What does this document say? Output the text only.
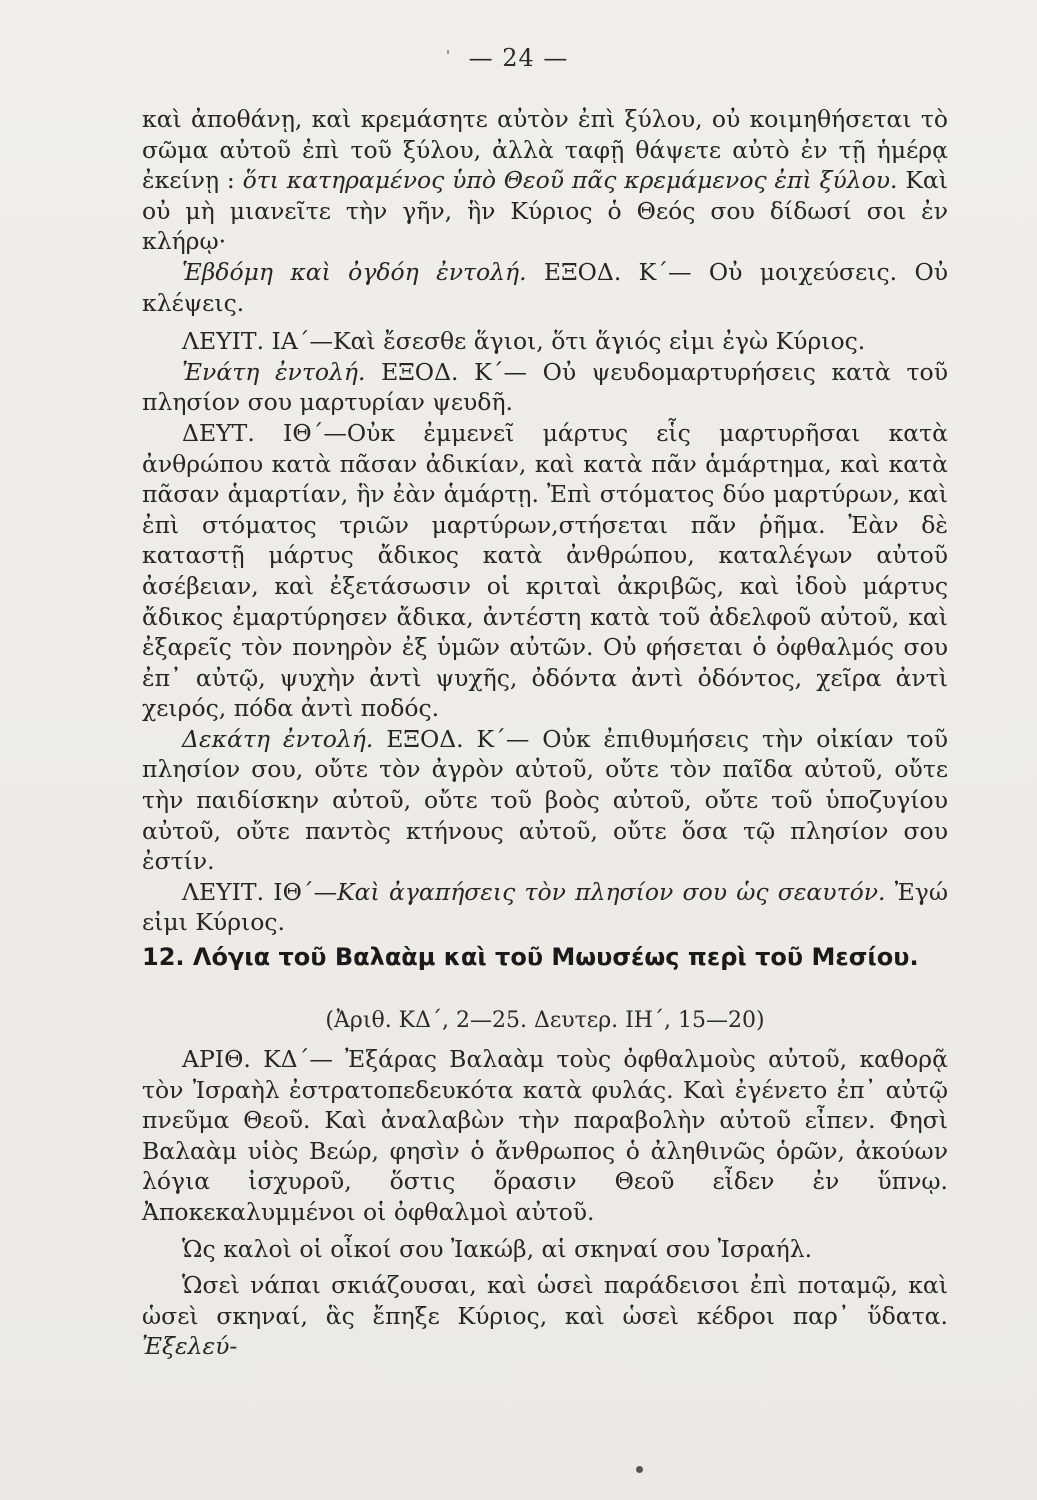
— 24 —

καὶ ἀποθάνῃ, καὶ κρεμάσητε αὐτὸν ἐπὶ ξύλου, οὐ κοιμηθήσεται τὸ σῶμα αὐτοῦ ἐπὶ τοῦ ξύλου, ἀλλὰ ταφῇ θάψετε αὐτὸ ἐν τῇ ἡμέρᾳ ἐκείνῃ : ὅτι κατηραμένος ὑπὸ Θεοῦ πᾶς κρεμάμενος ἐπὶ ξύλου. Καὶ οὐ μὴ μιανεῖτε τὴν γῆν, ἣν Κύριος ὁ Θεός σου δίδωσί σοι ἐν κλήρῳ·

Ἑβδόμη καὶ ὀγδόη ἐντολή. ΕΞΟΔ. Κ΄— Οὐ μοιχεύσεις. Οὐ κλέψεις.

ΛΕΥΙΤ. ΙΑ΄—Καὶ ἔσεσθε ἅγιοι, ὅτι ἅγιός εἰμι ἐγὼ Κύριος.

Ἐνάτη ἐντολή. ΕΞΟΔ. Κ΄— Οὐ ψευδομαρτυρήσεις κατὰ τοῦ πλησίον σου μαρτυρίαν ψευδῆ.

ΔΕΥΤ. ΙΘ΄—Οὐκ ἐμμενεῖ μάρτυς εἷς μαρτυρῆσαι κατὰ ἀνθρώπου κατὰ πᾶσαν ἀδικίαν, καὶ κατὰ πᾶν ἁμάρτημα, καὶ κατὰ πᾶσαν ἁμαρτίαν, ἣν ἐὰν ἁμάρτῃ. Ἐπὶ στόματος δύο μαρτύρων, καὶ ἐπὶ στόματος τριῶν μαρτύρων,στήσεται πᾶν ῥῆμα. Ἐὰν δὲ καταστῇ μάρτυς ἄδικος κατὰ ἀνθρώπου, καταλέγων αὐτοῦ ἀσέβειαν, καὶ ἐξετάσωσιν οἱ κριταὶ ἀκριβῶς, καὶ ἰδοὺ μάρτυς ἄδικος ἐμαρτύρησεν ἄδικα, ἀντέστη κατὰ τοῦ ἀδελφοῦ αὐτοῦ, καὶ ἐξαρεῖς τὸν πονηρὸν ἐξ ὑμῶν αὐτῶν. Οὐ φήσεται ὁ ὀφθαλμός σου ἐπ᾽ αὐτῷ, ψυχὴν ἀντὶ ψυχῆς, ὀδόντα ἀντὶ ὀδόντος, χεῖρα ἀντὶ χειρός, πόδα ἀντὶ ποδός.

Δεκάτη ἐντολή. ΕΞΟΔ. Κ΄— Οὐκ ἐπιθυμήσεις τὴν οἰκίαν τοῦ πλησίον σου, οὔτε τὸν ἀγρὸν αὐτοῦ, οὔτε τὸν παῖδα αὐτοῦ, οὔτε τὴν παιδίσκην αὐτοῦ, οὔτε τοῦ βοὸς αὐτοῦ, οὔτε τοῦ ὑποζυγίου αὐτοῦ, οὔτε παντὸς κτήνους αὐτοῦ, οὔτε ὅσα τῷ πλησίον σου ἐστίν.

ΛΕΥΙΤ. ΙΘ΄—Καὶ ἀγαπήσεις τὸν πλησίον σου ὡς σεαυτόν. Ἐγώ εἰμι Κύριος.

12. Λόγια τοῦ Βαλαὰμ καὶ τοῦ Μωυσέως περὶ τοῦ Μεσίου.
(Ἀριθ. ΚΔ΄, 2—25. Δευτερ. ΙΗ΄, 15—20)

ΑΡΙΘ. ΚΔ΄— Ἐξάρας Βαλαὰμ τοὺς ὀφθαλμοὺς αὐτοῦ, καθορᾷ τὸν Ἰσραὴλ ἐστρατοπεδευκότα κατὰ φυλάς. Καὶ ἐγένετο ἐπ᾽ αὐτῷ πνεῦμα Θεοῦ. Καὶ ἀναλαβὼν τὴν παραβολὴν αὐτοῦ εἶπεν. Φησὶ Βαλαὰμ υἱὸς Βεώρ, φησὶν ὁ ἄνθρωπος ὁ ἀληθινῶς ὁρῶν, ἀκούων λόγια ἰσχυροῦ, ὅστις ὅρασιν Θεοῦ εἶδεν ἐν ὕπνῳ. Ἀποκεκαλυμμένοι οἱ ὀφθαλμοὶ αὐτοῦ.

Ὡς καλοὶ οἱ οἶκοί σου Ἰακώβ, αἱ σκηναί σου Ἰσραήλ.

Ὡσεὶ νάπαι σκιάζουσαι, καὶ ὡσεὶ παράδεισοι ἐπὶ ποταμῷ, καὶ ὡσεὶ σκηναί, ἃς ἔπηξε Κύριος, καὶ ὡσεὶ κέδροι παρ᾽ ὕδατα. Ἐξελεύ-
